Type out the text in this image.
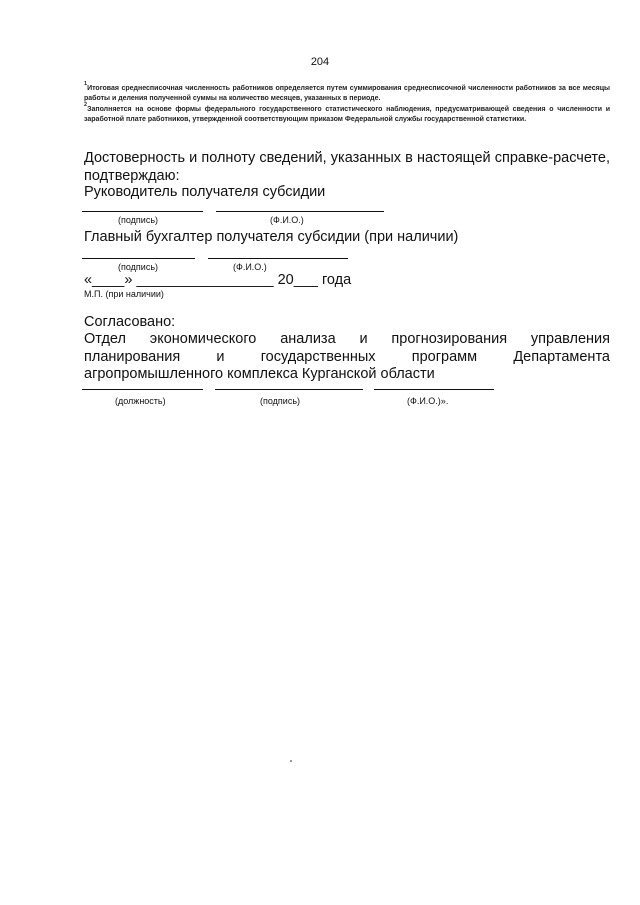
204
$^1$Итоговая среднесписочная численность работников определяется путем суммирования среднесписочной численности работников за все месяцы работы и деления полученной суммы на количество месяцев, указанных в периоде.
$^2$Заполняется на основе формы федерального государственного статистического наблюдения, предусматривающей сведения о численности и заработной плате работников, утвержденной соответствующим приказом Федеральной службы государственной статистики.
Достоверность и полноту сведений, указанных в настоящей справке-расчете, подтверждаю:
Руководитель получателя субсидии
(подпись)	(Ф.И.О.)
Главный бухгалтер получателя субсидии (при наличии)
(подпись)	(Ф.И.О.)
«____» _________________ 20___ года
М.П. (при наличии)
Согласовано:
Отдел экономического анализа и прогнозирования управления планирования и государственных программ Департамента агропромышленного комплекса Курганской области
(должность)	(подпись)	(Ф.И.О.)».
